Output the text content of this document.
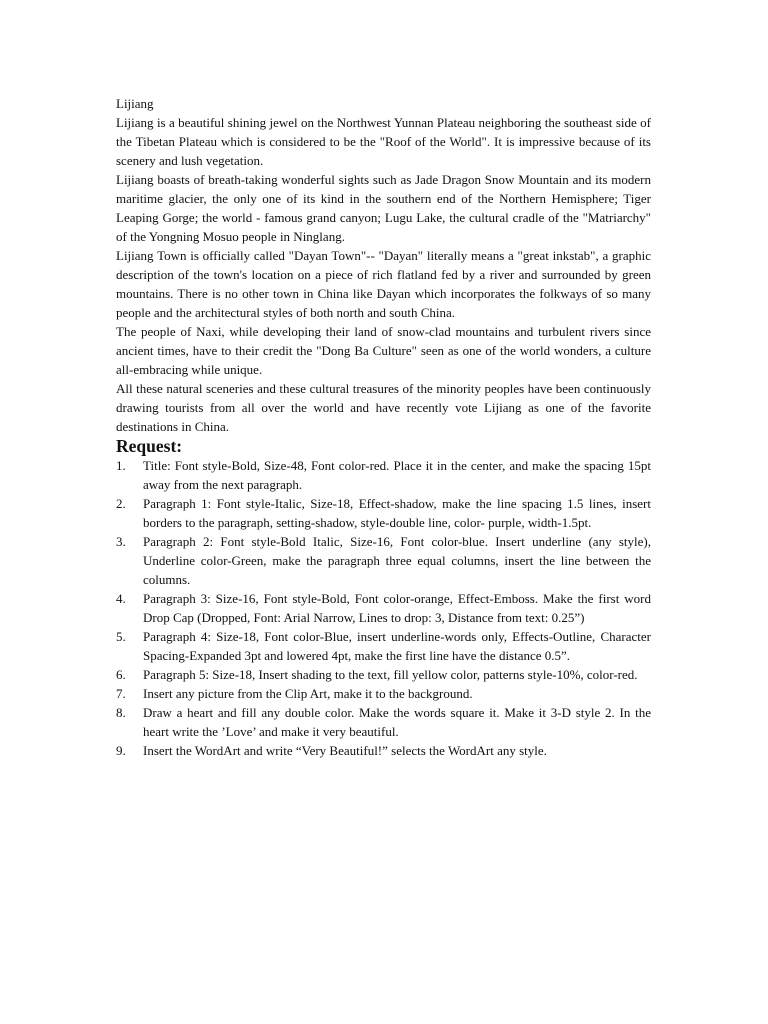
Lijiang

Lijiang is a beautiful shining jewel on the Northwest Yunnan Plateau neighboring the southeast side of the Tibetan Plateau which is considered to be the "Roof of the World". It is impressive because of its scenery and lush vegetation.

Lijiang boasts of breath-taking wonderful sights such as Jade Dragon Snow Mountain and its modern maritime glacier, the only one of its kind in the southern end of the Northern Hemisphere; Tiger Leaping Gorge; the world - famous grand canyon; Lugu Lake, the cultural cradle of the "Matriarchy" of the Yongning Mosuo people in Ninglang.

Lijiang Town is officially called "Dayan Town"-- "Dayan" literally means a "great inkstab", a graphic description of the town's location on a piece of rich flatland fed by a river and surrounded by green mountains. There is no other town in China like Dayan which incorporates the folkways of so many people and the architectural styles of both north and south China.

The people of Naxi, while developing their land of snow-clad mountains and turbulent rivers since ancient times, have to their credit the "Dong Ba Culture" seen as one of the world wonders, a culture all-embracing while unique.

All these natural sceneries and these cultural treasures of the minority peoples have been continuously drawing tourists from all over the world and have recently vote Lijiang as one of the favorite destinations in China.

Request:

1.	Title: Font style-Bold, Size-48, Font color-red. Place it in the center, and make the spacing 15pt away from the next paragraph.
2.	Paragraph 1: Font style-Italic, Size-18, Effect-shadow, make the line spacing 1.5 lines, insert borders to the paragraph, setting-shadow, style-double line, color- purple, width-1.5pt.
3.	Paragraph 2: Font style-Bold Italic, Size-16, Font color-blue. Insert underline (any style), Underline color-Green, make the paragraph three equal columns, insert the line between the columns.
4.	Paragraph 3: Size-16, Font style-Bold, Font color-orange, Effect-Emboss. Make the first word Drop Cap (Dropped, Font: Arial Narrow, Lines to drop: 3, Distance from text: 0.25”)
5.	Paragraph 4: Size-18, Font color-Blue, insert underline-words only, Effects-Outline, Character Spacing-Expanded 3pt and lowered 4pt, make the first line have the distance 0.5”.
6.	Paragraph 5: Size-18, Insert shading to the text, fill yellow color, patterns style-10%, color-red.
7.	Insert any picture from the Clip Art, make it to the background.
8.	Draw a heart and fill any double color. Make the words square it. Make it 3-D style 2. In the heart write the ’Love’ and make it very beautiful.
9.	Insert the WordArt and write “Very Beautiful!” selects the WordArt any style.
